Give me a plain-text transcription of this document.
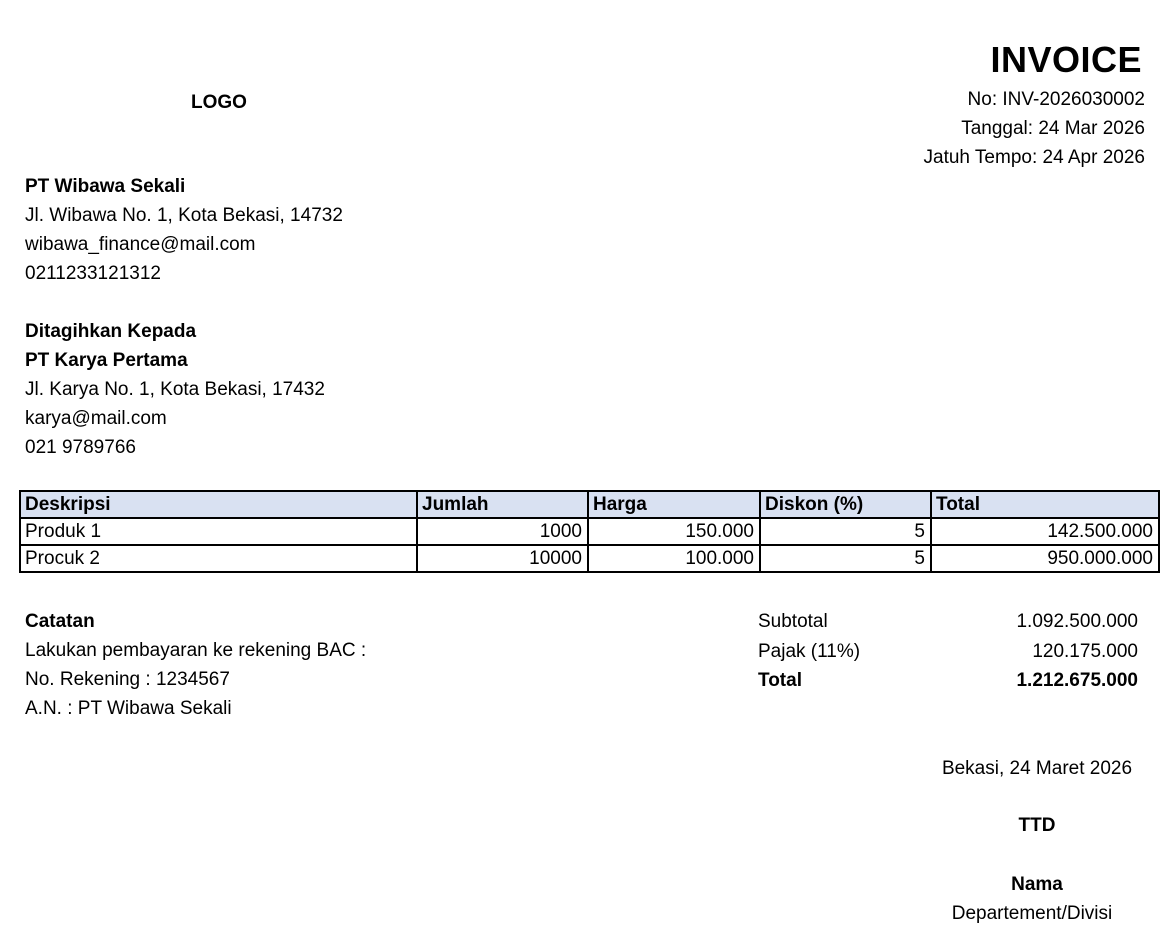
LOGO
INVOICE
No: INV-2026030002
Tanggal: 24 Mar 2026
Jatuh Tempo: 24 Apr 2026
PT Wibawa Sekali
Jl. Wibawa No. 1, Kota Bekasi, 14732
wibawa_finance@mail.com
0211233121312
Ditagihkan Kepada
PT Karya Pertama
Jl. Karya No. 1, Kota Bekasi, 17432
karya@mail.com
021 9789766
Deskripsi	Jumlah	Harga	Diskon (%)	Total
Produk 1	1000	150.000	5	142.500.000
Procuk 2	10000	100.000	5	950.000.000
Catatan
Lakukan pembayaran ke rekening BAC :
No. Rekening : 1234567
A.N. : PT Wibawa Sekali
Subtotal	1.092.500.000
Pajak (11%)	120.175.000
Total	1.212.675.000
Bekasi, 24 Maret 2026
TTD
Nama
Departement/Divisi
